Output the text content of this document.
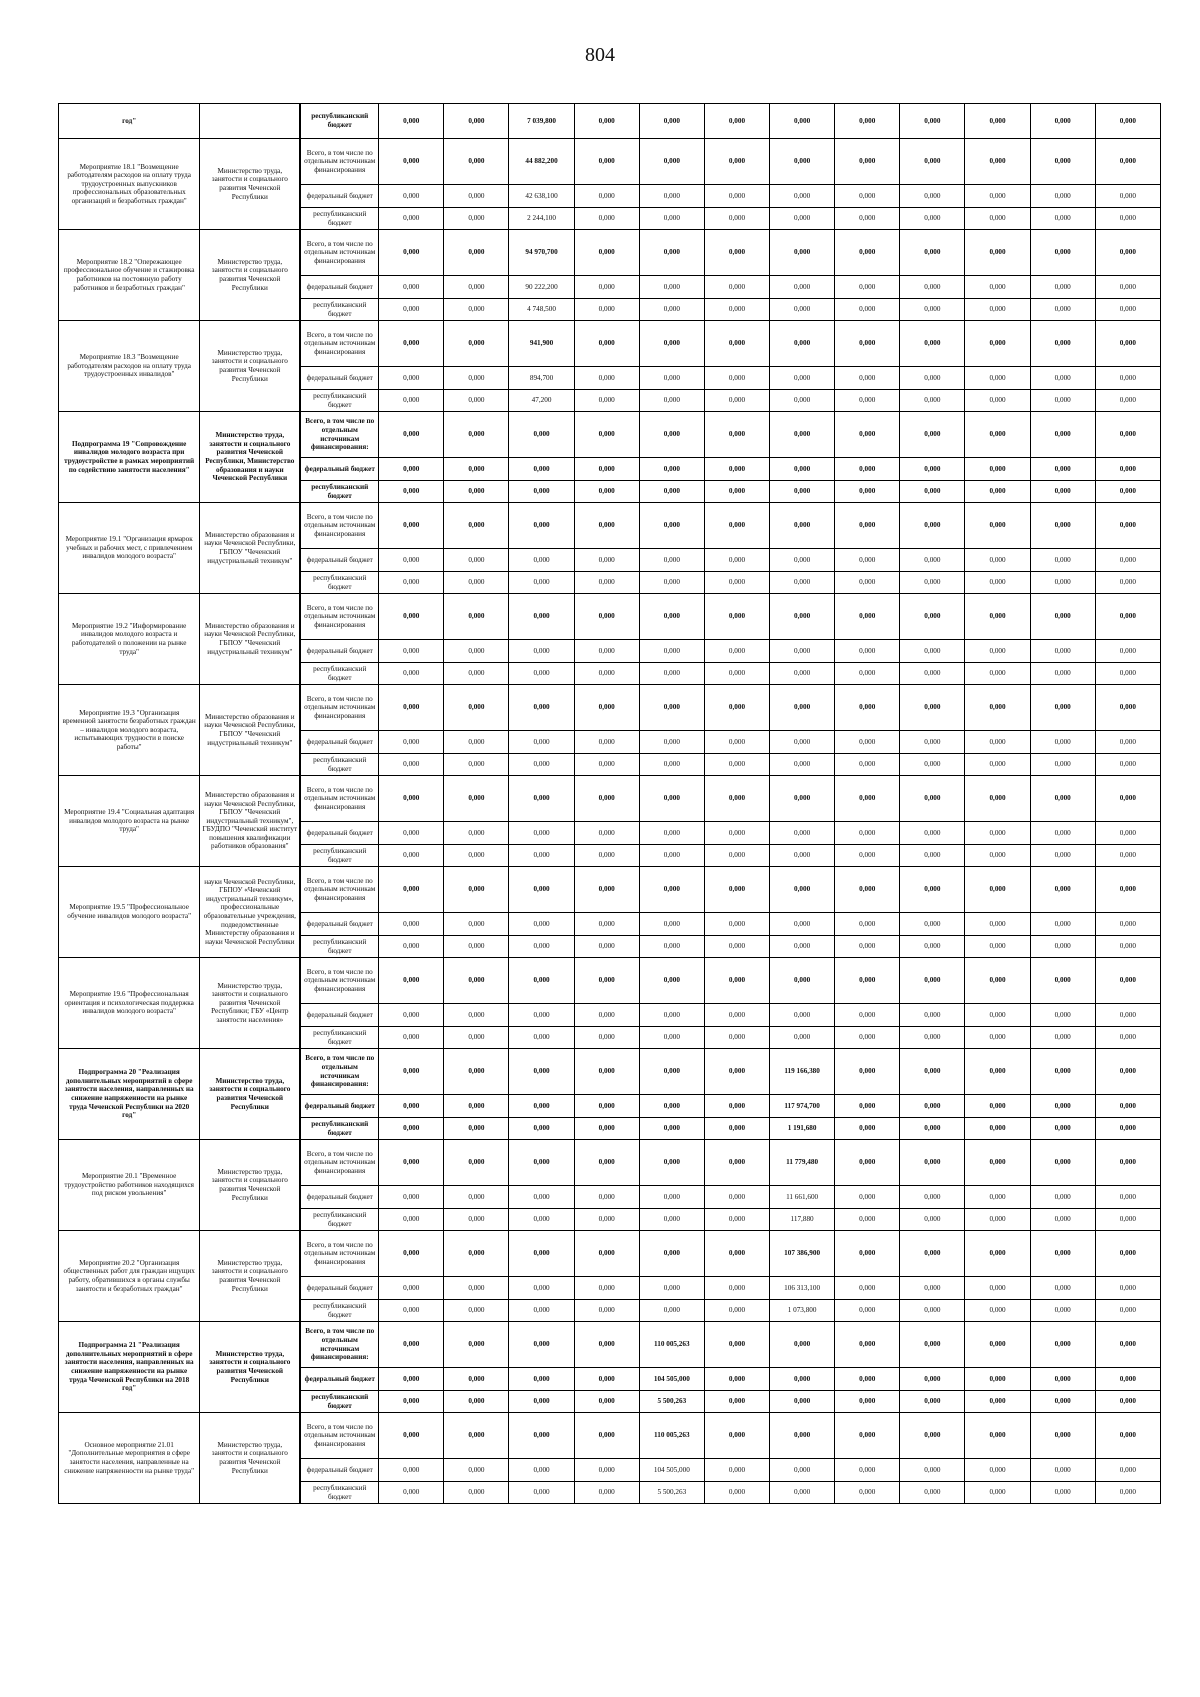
804
год"		республиканский бюджет	0,000	0,000	7 039,800	0,000	0,000	0,000	0,000	0,000	0,000	0,000	0,000	0,000
Мероприятие 18.1 "Возмещение работодателям расходов на оплату труда трудоустроенных выпускников профессиональных образовательных организаций и безработных граждан"	Министерство труда, занятости и социального развития Чеченской Республики	Всего, в том числе по отдельным источникам финансирования	0,000	0,000	44 882,200	0,000	0,000	0,000	0,000	0,000	0,000	0,000	0,000	0,000
		федеральный бюджет	0,000	0,000	42 638,100	0,000	0,000	0,000	0,000	0,000	0,000	0,000	0,000	0,000
		республиканский бюджет	0,000	0,000	2 244,100	0,000	0,000	0,000	0,000	0,000	0,000	0,000	0,000	0,000
Мероприятие 18.2 "Опережающее профессиональное обучение и стажировка работников на постоянную работу работников и безработных граждан"	Министерство труда, занятости и социального развития Чеченской Республики	Всего, в том числе по отдельным источникам финансирования	0,000	0,000	94 970,700	0,000	0,000	0,000	0,000	0,000	0,000	0,000	0,000	0,000
		федеральный бюджет	0,000	0,000	90 222,200	0,000	0,000	0,000	0,000	0,000	0,000	0,000	0,000	0,000
		республиканский бюджет	0,000	0,000	4 748,500	0,000	0,000	0,000	0,000	0,000	0,000	0,000	0,000	0,000
Мероприятие 18.3 "Возмещение работодателям расходов на оплату труда трудоустроенных инвалидов"	Министерство труда, занятости и социального развития Чеченской Республики	Всего, в том числе по отдельным источникам финансирования	0,000	0,000	941,900	0,000	0,000	0,000	0,000	0,000	0,000	0,000	0,000	0,000
		федеральный бюджет	0,000	0,000	894,700	0,000	0,000	0,000	0,000	0,000	0,000	0,000	0,000	0,000
		республиканский бюджет	0,000	0,000	47,200	0,000	0,000	0,000	0,000	0,000	0,000	0,000	0,000	0,000
Подпрограмма 19 "Сопровождение инвалидов молодого возраста при трудоустройстве в рамках мероприятий по содействию занятости населения"	Министерство труда, занятости и социального развития Чеченской Республики, Министерство образования и науки Чеченской Республики	Всего, в том числе по отдельным источникам финансирования:	0,000	0,000	0,000	0,000	0,000	0,000	0,000	0,000	0,000	0,000	0,000	0,000
		федеральный бюджет	0,000	0,000	0,000	0,000	0,000	0,000	0,000	0,000	0,000	0,000	0,000	0,000
		республиканский бюджет	0,000	0,000	0,000	0,000	0,000	0,000	0,000	0,000	0,000	0,000	0,000	0,000
Мероприятие 19.1 "Организация ярмарок учебных и рабочих мест, с привлечением инвалидов молодого возраста"	Министерство образования и науки Чеченской Республики, ГБПОУ "Чеченский индустриальный техникум"	Всего, в том числе по отдельным источникам финансирования	0,000	0,000	0,000	0,000	0,000	0,000	0,000	0,000	0,000	0,000	0,000	0,000
		федеральный бюджет	0,000	0,000	0,000	0,000	0,000	0,000	0,000	0,000	0,000	0,000	0,000	0,000
		республиканский бюджет	0,000	0,000	0,000	0,000	0,000	0,000	0,000	0,000	0,000	0,000	0,000	0,000
Мероприятие 19.2 "Информирование инвалидов молодого возраста и работодателей о положении на рынке труда"	Министерство образования и науки Чеченской Республики, ГБПОУ "Чеченский индустриальный техникум"	Всего, в том числе по отдельным источникам финансирования	0,000	0,000	0,000	0,000	0,000	0,000	0,000	0,000	0,000	0,000	0,000	0,000
		федеральный бюджет	0,000	0,000	0,000	0,000	0,000	0,000	0,000	0,000	0,000	0,000	0,000	0,000
		республиканский бюджет	0,000	0,000	0,000	0,000	0,000	0,000	0,000	0,000	0,000	0,000	0,000	0,000
Мероприятие 19.3 "Организация временной занятости безработных граждан – инвалидов молодого возраста, испытывающих трудности в поиске работы"	Министерство образования и науки Чеченской Республики, ГБПОУ "Чеченский индустриальный техникум"	Всего, в том числе по отдельным источникам финансирования	0,000	0,000	0,000	0,000	0,000	0,000	0,000	0,000	0,000	0,000	0,000	0,000
		федеральный бюджет	0,000	0,000	0,000	0,000	0,000	0,000	0,000	0,000	0,000	0,000	0,000	0,000
		республиканский бюджет	0,000	0,000	0,000	0,000	0,000	0,000	0,000	0,000	0,000	0,000	0,000	0,000
Мероприятие 19.4 "Социальная адаптация инвалидов молодого возраста на рынке труда"	Министерство образования и науки Чеченской Республики, ГБПОУ "Чеченский индустриальный техникум", ГБУДПО "Чеченский институт повышения квалификации работников образования"	Всего, в том числе по отдельным источникам финансирования	0,000	0,000	0,000	0,000	0,000	0,000	0,000	0,000	0,000	0,000	0,000	0,000
		федеральный бюджет	0,000	0,000	0,000	0,000	0,000	0,000	0,000	0,000	0,000	0,000	0,000	0,000
		республиканский бюджет	0,000	0,000	0,000	0,000	0,000	0,000	0,000	0,000	0,000	0,000	0,000	0,000
Мероприятие 19.5 "Профессиональное обучение инвалидов молодого возраста"	науки Чеченской Республики, ГБПОУ «Чеченский индустриальный техникум», профессиональные образовательные учреждения, подведомственные Министерству образования и науки Чеченской Республики	Всего, в том числе по отдельным источникам финансирования	0,000	0,000	0,000	0,000	0,000	0,000	0,000	0,000	0,000	0,000	0,000	0,000
		федеральный бюджет	0,000	0,000	0,000	0,000	0,000	0,000	0,000	0,000	0,000	0,000	0,000	0,000
		республиканский бюджет	0,000	0,000	0,000	0,000	0,000	0,000	0,000	0,000	0,000	0,000	0,000	0,000
Мероприятие 19.6 "Профессиональная ориентация и психологическая поддержка инвалидов молодого возраста"	Министерство труда, занятости и социального развития Чеченской Республики; ГБУ «Центр занятости населения»	Всего, в том числе по отдельным источникам финансирования	0,000	0,000	0,000	0,000	0,000	0,000	0,000	0,000	0,000	0,000	0,000	0,000
		федеральный бюджет	0,000	0,000	0,000	0,000	0,000	0,000	0,000	0,000	0,000	0,000	0,000	0,000
		республиканский бюджет	0,000	0,000	0,000	0,000	0,000	0,000	0,000	0,000	0,000	0,000	0,000	0,000
Подпрограмма 20 "Реализация дополнительных мероприятий в сфере занятости населения, направленных на снижение напряженности на рынке труда Чеченской Республики на 2020 год"	Министерство труда, занятости и социального развития Чеченской Республики	Всего, в том числе по отдельным источникам финансирования:	0,000	0,000	0,000	0,000	0,000	0,000	119 166,380	0,000	0,000	0,000	0,000	0,000
		федеральный бюджет	0,000	0,000	0,000	0,000	0,000	0,000	117 974,700	0,000	0,000	0,000	0,000	0,000
		республиканский бюджет	0,000	0,000	0,000	0,000	0,000	0,000	1 191,680	0,000	0,000	0,000	0,000	0,000
Мероприятие 20.1 "Временное трудоустройство работников находящихся под риском увольнения"	Министерство труда, занятости и социального развития Чеченской Республики	Всего, в том числе по отдельным источникам финансирования	0,000	0,000	0,000	0,000	0,000	0,000	11 779,480	0,000	0,000	0,000	0,000	0,000
		федеральный бюджет	0,000	0,000	0,000	0,000	0,000	0,000	11 661,600	0,000	0,000	0,000	0,000	0,000
		республиканский бюджет	0,000	0,000	0,000	0,000	0,000	0,000	117,880	0,000	0,000	0,000	0,000	0,000
Мероприятие 20.2 "Организация общественных работ для граждан ищущих работу, обратившихся в органы службы занятости и безработных граждан"	Министерство труда, занятости и социального развития Чеченской Республики	Всего, в том числе по отдельным источникам финансирования	0,000	0,000	0,000	0,000	0,000	0,000	107 386,900	0,000	0,000	0,000	0,000	0,000
		федеральный бюджет	0,000	0,000	0,000	0,000	0,000	0,000	106 313,100	0,000	0,000	0,000	0,000	0,000
		республиканский бюджет	0,000	0,000	0,000	0,000	0,000	0,000	1 073,800	0,000	0,000	0,000	0,000	0,000
Подпрограмма 21 "Реализация дополнительных мероприятий в сфере занятости населения, направленных на снижение напряженности на рынке труда Чеченской Республики на 2018 год"	Министерство труда, занятости и социального развития Чеченской Республики	Всего, в том числе по отдельным источникам финансирования:	0,000	0,000	0,000	0,000	110 005,263	0,000	0,000	0,000	0,000	0,000	0,000	0,000
		федеральный бюджет	0,000	0,000	0,000	0,000	104 505,000	0,000	0,000	0,000	0,000	0,000	0,000	0,000
		республиканский бюджет	0,000	0,000	0,000	0,000	5 500,263	0,000	0,000	0,000	0,000	0,000	0,000	0,000
Основное мероприятие 21.01 "Дополнительные мероприятия в сфере занятости населения, направленные на снижение напряженности на рынке труда"	Министерство труда, занятости и социального развития Чеченской Республики	Всего, в том числе по отдельным источникам финансирования	0,000	0,000	0,000	0,000	110 005,263	0,000	0,000	0,000	0,000	0,000	0,000	0,000
		федеральный бюджет	0,000	0,000	0,000	0,000	104 505,000	0,000	0,000	0,000	0,000	0,000	0,000	0,000
		республиканский бюджет	0,000	0,000	0,000	0,000	5 500,263	0,000	0,000	0,000	0,000	0,000	0,000	0,000
